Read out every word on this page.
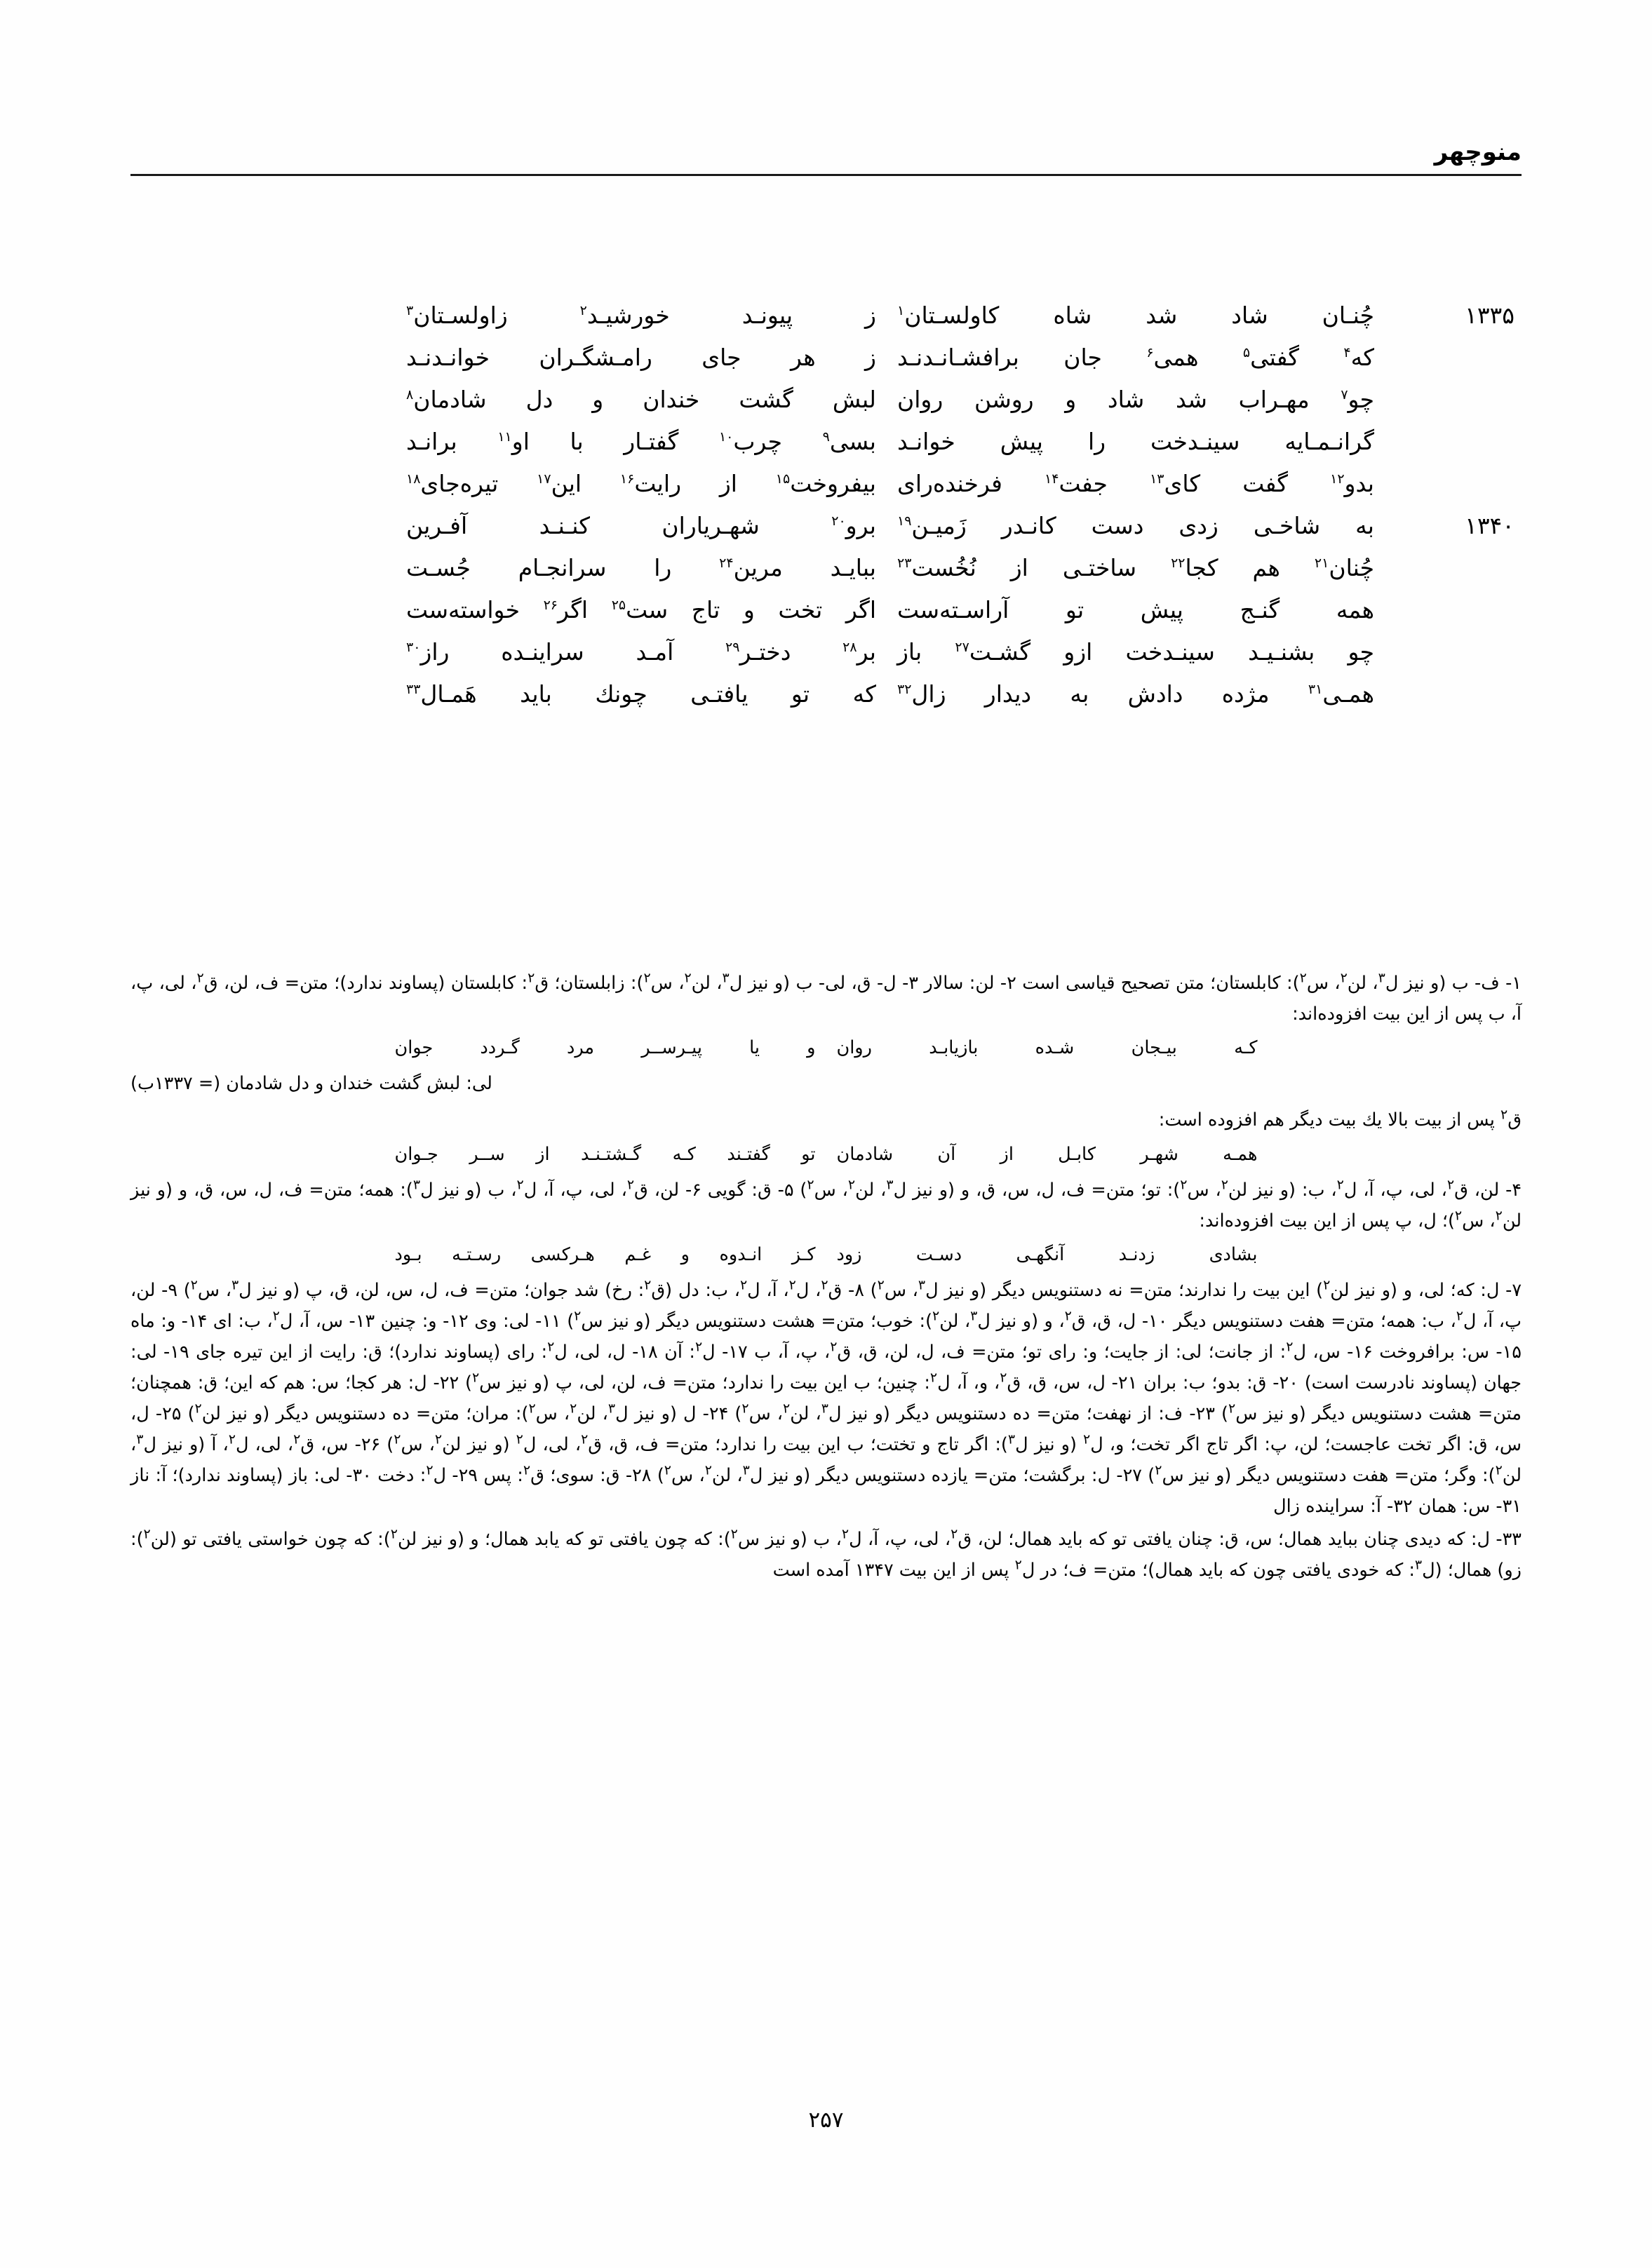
منوچهر
۱۳۳۵
چُنـان شاد شد شاه کاولسـتان$^۱$
ز پیونـد خورشیـد$^۲$ زاولسـتان$^۳$
که$^۴$ گفتی$^۵$ همی$^۶$ جان برافشـانـدنـد
ز هر جای رامـشگـران خوانـدنـد
چو$^۷$ مهـراب شد شاد و روشن روان
لبش گشت خندان و دل شادمان$^۸$
گرانـمـایه سینـدخت را پیش خوانـد
بسی$^۹$ چرب$^{۱۰}$ گفتـار با او$^{۱۱}$ برانـد
بدو$^{۱۲}$ گفت کای$^{۱۳}$ جفت$^{۱۴}$ فرخنده‌رای
بیفروخت$^{۱۵}$ از رایت$^{۱۶}$ این$^{۱۷}$ تیره‌جای$^{۱۸}$
۱۳۴۰
به شاخـی زدی دست کانـدر زَمیـن$^{۱۹}$
برو$^{۲۰}$ شهـریاران کنـنـد آفـرین
چُنان$^{۲۱}$ هم کجا$^{۲۲}$ ساختـی از نُخُست$^{۲۳}$
ببایـد مرین$^{۲۴}$ را سرانجـام جُسـت
همه گنـج پیش تو آراسـته‌ست
اگر تخت و تاج ست$^{۲۵}$ اگر$^{۲۶}$ خواسته‌ست
چو بشنـیـد سینـدخت ازو گشـت$^{۲۷}$ باز
بر$^{۲۸}$ دختـر$^{۲۹}$ آمـد سراینـده راز$^{۳۰}$
همـی$^{۳۱}$ مژده دادش به دیدار زال$^{۳۲}$
که تو یافتـی چونك باید هَمـال$^{۳۳}$

۱- ف- ب (و نیز ل$^۳$، لن$^۲$، س$^۲$): کابلستان؛ متن تصحیح قیاسی است ۲- لن: سالار ۳- ل- ق، لی- ب (و نیز ل$^۳$، لن$^۲$، س$^۲$): زابلستان؛ ق$^۲$: کابلستان (پساوند ندارد)؛ متن= ف، لن، ق$^۲$، لی، پ، آ، ب پس از این بیت افزوده‌اند:

کـه بیـجان شـده بازیابـد روان
و یا پیـرســر مرد گـردد جوان

لی: لبش گشت خندان و دل شادمان (= ۱۳۳۷ب)

ق$^۲$ پس از بیت بالا یك بیت دیگر هم افزوده است:

همـه شهـر کابـل از آن شادمان
تو گفتـند کـه گـشتـنـد از ســر جـوان

۴- لن، ق$^۲$، لی، پ، آ، ل$^۲$، ب: (و نیز لن$^۲$، س$^۲$): تو؛ متن= ف، ل، س، ق، و (و نیز ل$^۳$، لن$^۲$، س$^۲$) ۵- ق: گویی ۶- لن، ق$^۲$، لی، پ، آ، ل$^۲$، ب (و نیز ل$^۳$): همه؛ متن= ف، ل، س، ق، و (و نیز لن$^۲$، س$^۲$)؛ ل، پ پس از این بیت افزوده‌اند:

بشادی زدنـد آنگهـی دسـت زود
کـز انـدوه و غـم هـرکسی رسـتـه بـود

۷- ل: که؛ لی، و (و نیز لن$^۲$) این بیت را ندارند؛ متن= نه دستنویس دیگر (و نیز ل$^۳$، س$^۲$) ۸- ق$^۲$، ل$^۲$، آ، ل$^۲$، ب: دل (ق$^۲$: رخ) شد جوان؛ متن= ف، ل، س، لن، ق، پ (و نیز ل$^۳$، س$^۲$) ۹- لن، پ، آ، ل$^۲$، ب: همه؛ متن= هفت دستنویس دیگر ۱۰- ل، ق، ق$^۲$، و (و نیز ل$^۳$، لن$^۲$): خوب؛ متن= هشت دستنویس دیگر (و نیز س$^۲$) ۱۱- لی: وی ۱۲- و: چنین ۱۳- س، آ، ل$^۲$، ب: ای ۱۴- و: ماه ۱۵- س: برافروخت ۱۶- س، ل$^۲$: از جانت؛ لی: از جایت؛ و: رای تو؛ متن= ف، ل، لن، ق، ق$^۲$، پ، آ، ب ۱۷- ل$^۲$: آن ۱۸- ل، لی، ل$^۲$: رای (پساوند ندارد)؛ ق: رایت از این تیره جای ۱۹- لی: جهان (پساوند نادرست است) ۲۰- ق: بدو؛ ب: بران ۲۱- ل، س، ق، ق$^۲$، و، آ، ل$^۲$: چنین؛ ب این بیت را ندارد؛ متن= ف، لن، لی، پ (و نیز س$^۲$) ۲۲- ل: هر کجا؛ س: هم که این؛ ق: همچنان؛ متن= هشت دستنویس دیگر (و نیز س$^۲$) ۲۳- ف: از نهفت؛ متن= ده دستنویس دیگر (و نیز ل$^۳$، لن$^۲$، س$^۲$) ۲۴- ل (و نیز ل$^۳$، لن$^۲$، س$^۲$): مران؛ متن= ده دستنویس دیگر (و نیز لن$^۲$) ۲۵- ل، س، ق: اگر تخت عاجست؛ لن، پ: اگر تاج اگر تخت؛ و، ل$^۲$ (و نیز ل$^۳$): اگر تاج و تختت؛ ب این بیت را ندارد؛ متن= ف، ق، ق$^۲$، لی، ل$^۲$ (و نیز لن$^۲$، س$^۲$) ۲۶- س، ق$^۲$، لی، ل$^۲$، آ (و نیز ل$^۳$، لن$^۲$): وگر؛ متن= هفت دستنویس دیگر (و نیز س$^۲$) ۲۷- ل: برگشت؛ متن= یازده دستنویس دیگر (و نیز ل$^۳$، لن$^۲$، س$^۲$) ۲۸- ق: سوی؛ ق$^۲$: پس ۲۹- ل$^۲$: دخت ۳۰- لی: باز (پساوند ندارد)؛ آ: ناز ۳۱- س: همان ۳۲- آ: سراینده زال

۳۳- ل: که دیدی چنان بباید همال؛ س، ق: چنان یافتی تو که باید همال؛ لن، ق$^۲$، لی، پ، آ، ل$^۲$، ب (و نیز س$^۲$): که چون یافتی تو که یابد همال؛ و (و نیز لن$^۲$): که چون خواستی یافتی تو (لن$^۲$): زو) همال؛ (ل$^۳$: که خودی یافتی چون که باید همال)؛ متن= ف؛ در ل$^۲$ پس از این بیت ۱۳۴۷ آمده است

۲۵۷
